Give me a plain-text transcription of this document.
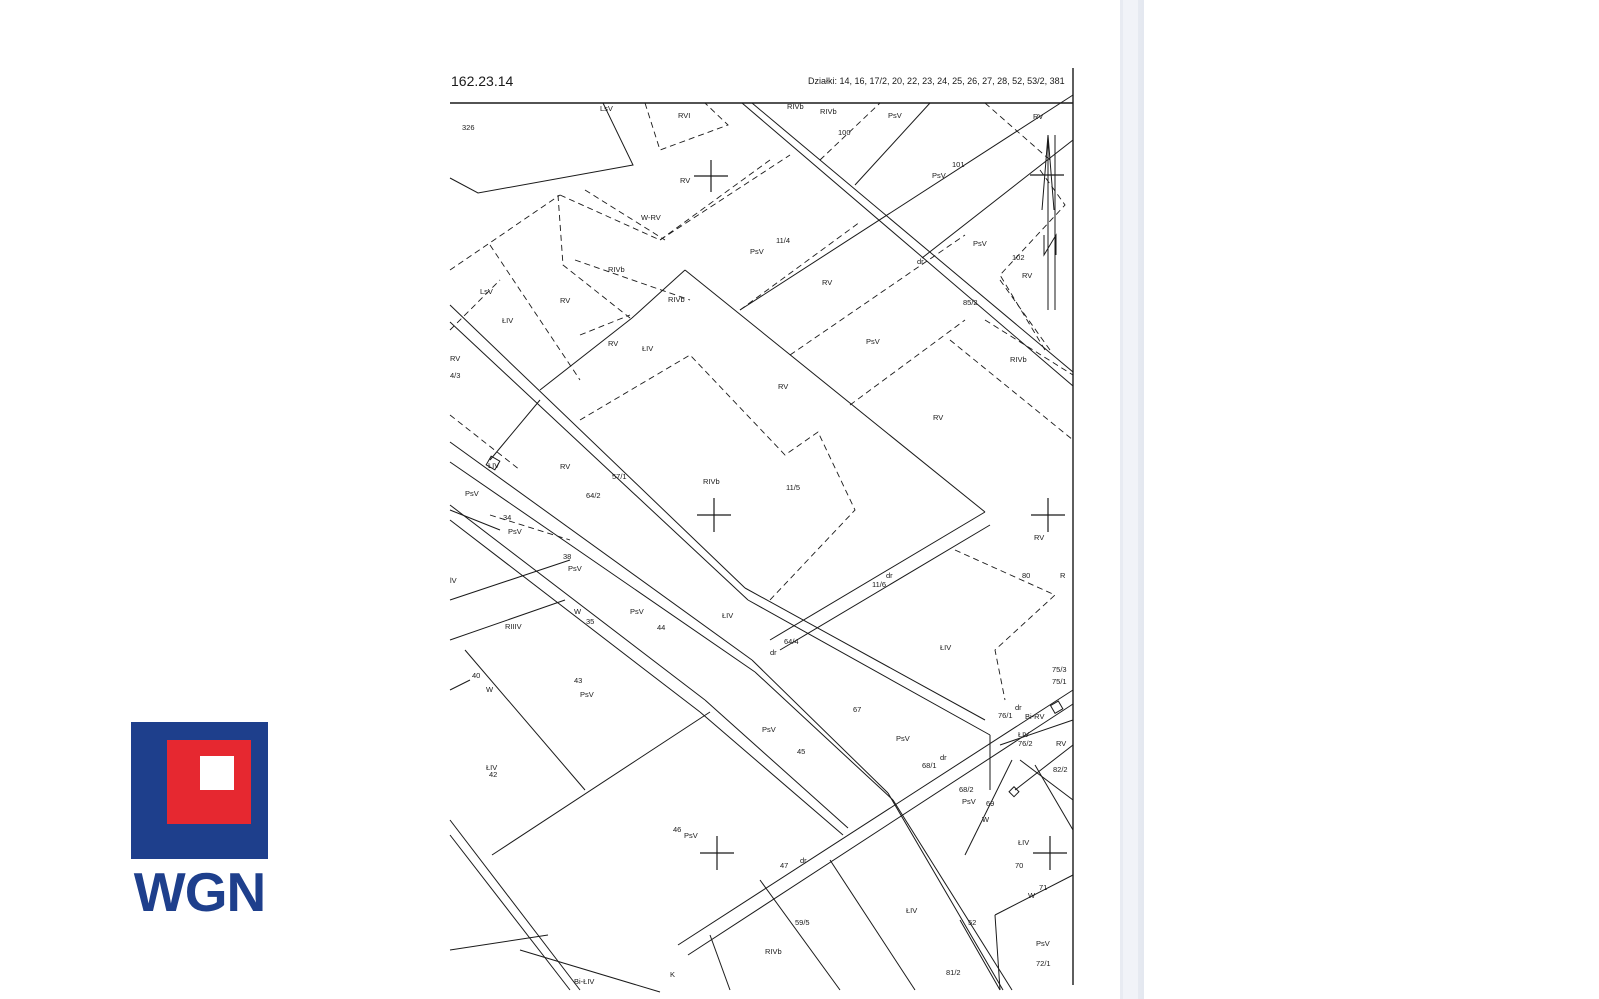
162.23.14	Działki: 14, 16, 17/2, 20, 22, 23, 24, 25, 26, 27, 28, 52, 53/2, 381
LsV	RIVb
RVI	RIVb
100
PsV	RV
326
RV
101
PsV
W-RV
11/4
PsV
PsV
RIVb
RV
102
RV
dr
LsV
RV	RIVb
ŁIV
85/2
RIVb
PsV
RV
ŁIV
RV
RV
4/3
RV
ŁIV	RV
RIVb
PsV	64/2
57/1
11/5
RV
34
PsV
38
PsV
lV
PsV
44
ŁIV
11/6
dr	80	R
RIIIV
W
35
64/4
dr
ŁIV
40
43
PsV
75/3
75/1
W
dr
67
PsV
76/1 Bi-RV
ŁIV
76/2	RV
PsV
45
68/1
dr
82/2
ŁIV
42
68/2
PsV 69
W
46
PsV
ŁIV
70
71
W
47
dr
59/5
ŁIV
52
RIVb
PsV
72/1
81/2
Bi-ŁIV
K
WGN
